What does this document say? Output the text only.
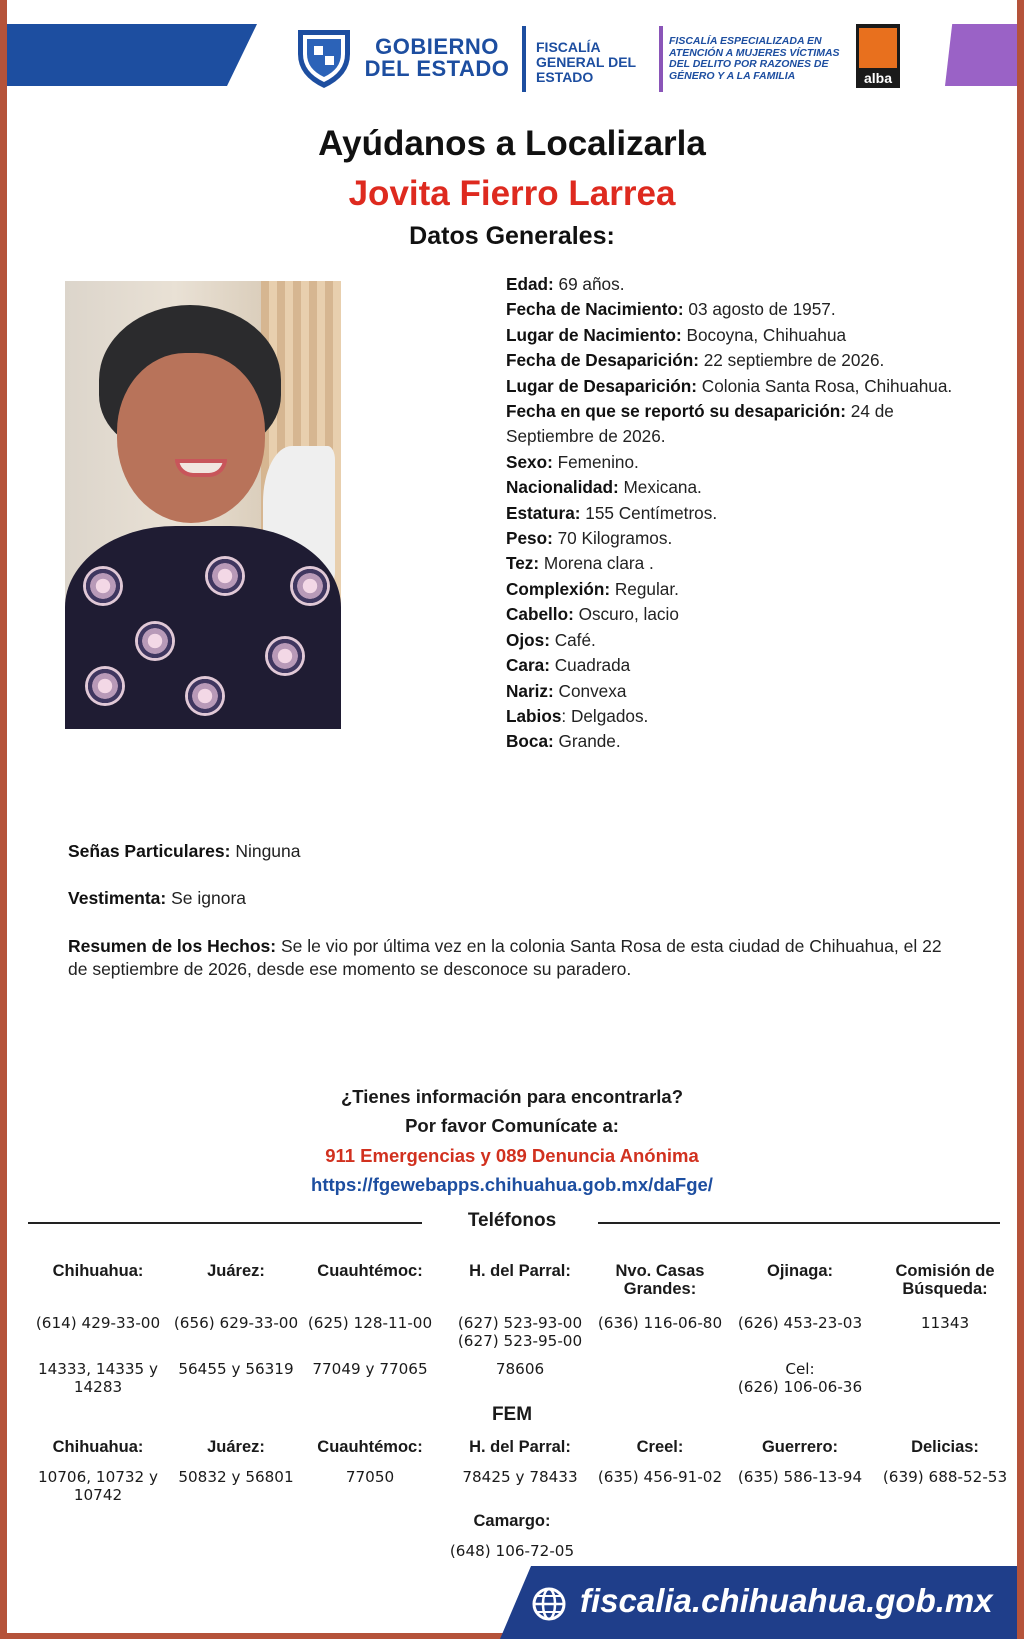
GOBIERNO DEL ESTADO
FISCALÍA GENERAL DEL ESTADO
FISCALÍA ESPECIALIZADA EN ATENCIÓN A MUJERES VÍCTIMAS DEL DELITO POR RAZONES DE GÉNERO Y A LA FAMILIA	alba
Ayúdanos a Localizarla
Jovita Fierro Larrea
Datos Generales:
Edad: 69 años.
Fecha de Nacimiento: 03 agosto de 1957.
Lugar de Nacimiento: Bocoyna, Chihuahua
Fecha de Desaparición: 22 septiembre de 2026.
Lugar de Desaparición: Colonia Santa Rosa, Chihuahua.
Fecha en que se reportó su desaparición: 24 de Septiembre de 2026.
Sexo: Femenino.
Nacionalidad: Mexicana.
Estatura: 155 Centímetros.
Peso: 70 Kilogramos.
Tez: Morena clara .
Complexión: Regular.
Cabello: Oscuro, lacio
Ojos: Café.
Cara: Cuadrada
Nariz: Convexa
Labios: Delgados.
Boca: Grande.
Señas Particulares: Ninguna
Vestimenta: Se ignora
Resumen de los Hechos: Se le vio por última vez en la colonia Santa Rosa de esta ciudad de Chihuahua, el 22 de septiembre de 2026, desde ese momento se desconoce su paradero.
¿Tienes información para encontrarla?
Por favor Comunícate a:
911 Emergencias y 089 Denuncia Anónima
https://fgewebapps.chihuahua.gob.mx/daFge/
Teléfonos
Chihuahua:
(614) 429-33-00
14333, 14335 y 14283
Chihuahua:
10706, 10732 y 10742
Juárez:
(656) 629-33-00
56455 y 56319
Juárez:
50832 y 56801
Cuauhtémoc:
(625) 128-11-00
77049 y 77065
Cuauhtémoc:
77050
H. del Parral:
(627) 523-93-00
(627) 523-95-00
78606
H. del Parral:
78425 y 78433
Nvo. Casas Grandes:
(636) 116-06-80
Creel:
(635) 456-91-02
Ojinaga:
(626) 453-23-03
Cel:
(626) 106-06-36
Guerrero:
(635) 586-13-94
Comisión de Búsqueda:
11343
Delicias:
(639) 688-52-53
FEM
Camargo:
(648) 106-72-05
fiscalia.chihuahua.gob.mx
